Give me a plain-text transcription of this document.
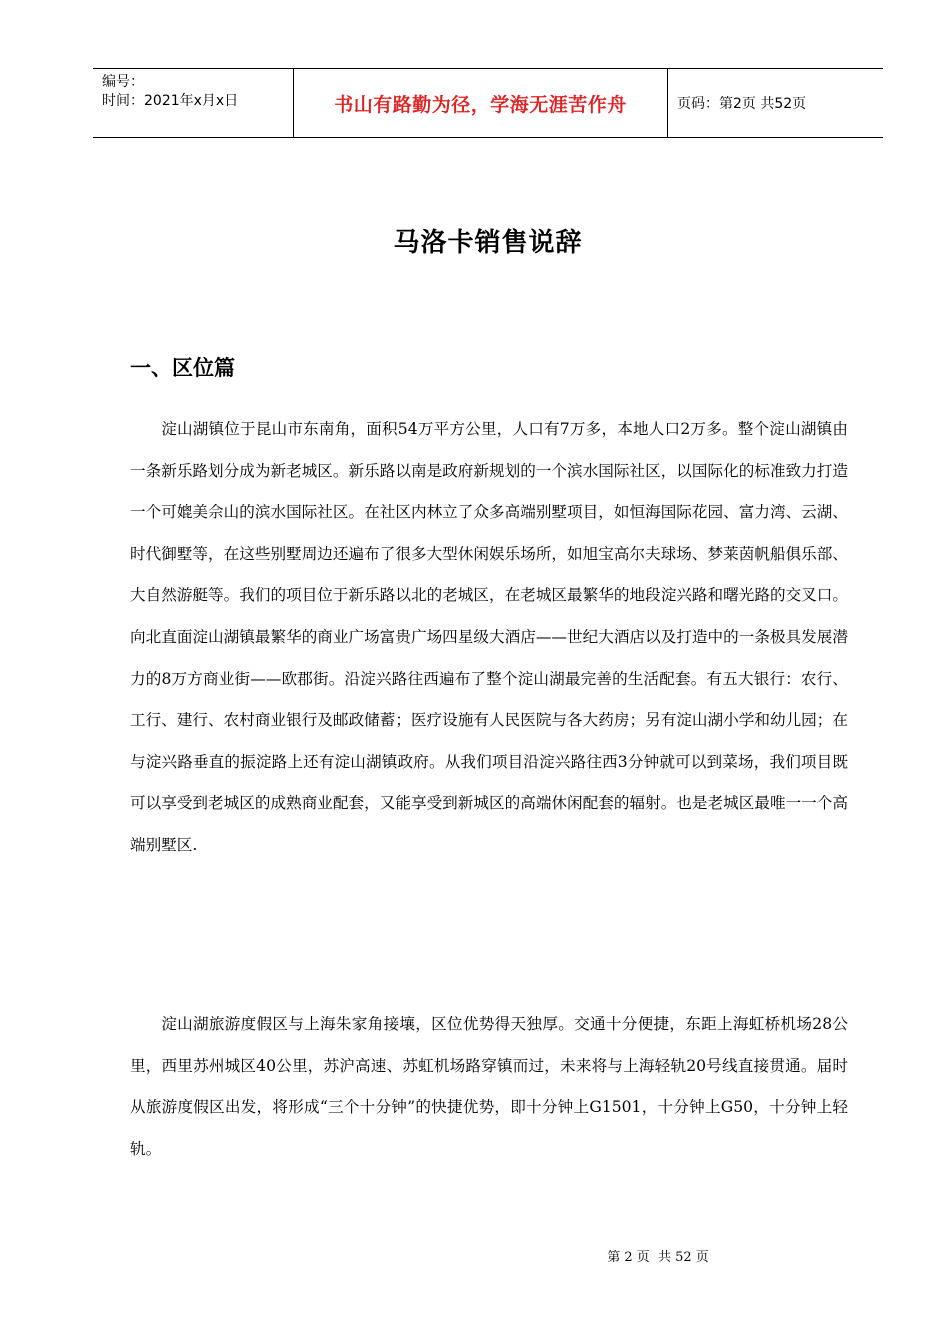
编号：
时间：2021年x月x日	书山有路勤为径，学海无涯苦作舟	页码：第2页 共52页
马洛卡销售说辞
一、区位篇

淀山湖镇位于昆山市东南角，面积54万平方公里，人口有7万多，本地人口2万多。整个淀山湖镇由一条新乐路划分成为新老城区。新乐路以南是政府新规划的一个滨水国际社区，以国际化的标准致力打造一个可媲美佘山的滨水国际社区。在社区内林立了众多高端别墅项目，如恒海国际花园、富力湾、云湖、时代御墅等，在这些别墅周边还遍布了很多大型休闲娱乐场所，如旭宝高尔夫球场、梦莱茵帆船俱乐部、大自然游艇等。我们的项目位于新乐路以北的老城区，在老城区最繁华的地段淀兴路和曙光路的交叉口。向北直面淀山湖镇最繁华的商业广场富贵广场四星级大酒店——世纪大酒店以及打造中的一条极具发展潜力的8万方商业街——欧郡街。沿淀兴路往西遍布了整个淀山湖最完善的生活配套。有五大银行：农行、工行、建行、农村商业银行及邮政储蓄；医疗设施有人民医院与各大药房；另有淀山湖小学和幼儿园；在与淀兴路垂直的振淀路上还有淀山湖镇政府。从我们项目沿淀兴路往西3分钟就可以到菜场，我们项目既可以享受到老城区的成熟商业配套，又能享受到新城区的高端休闲配套的辐射。也是老城区最唯一一个高端别墅区.

淀山湖旅游度假区与上海朱家角接壤，区位优势得天独厚。交通十分便捷，东距上海虹桥机场28公里，西里苏州城区40公里，苏沪高速、苏虹机场路穿镇而过，未来将与上海轻轨20号线直接贯通。届时从旅游度假区出发，将形成“三个十分钟”的快捷优势，即十分钟上G1501，十分钟上G50，十分钟上轻轨。

第 2 页  共 52 页
